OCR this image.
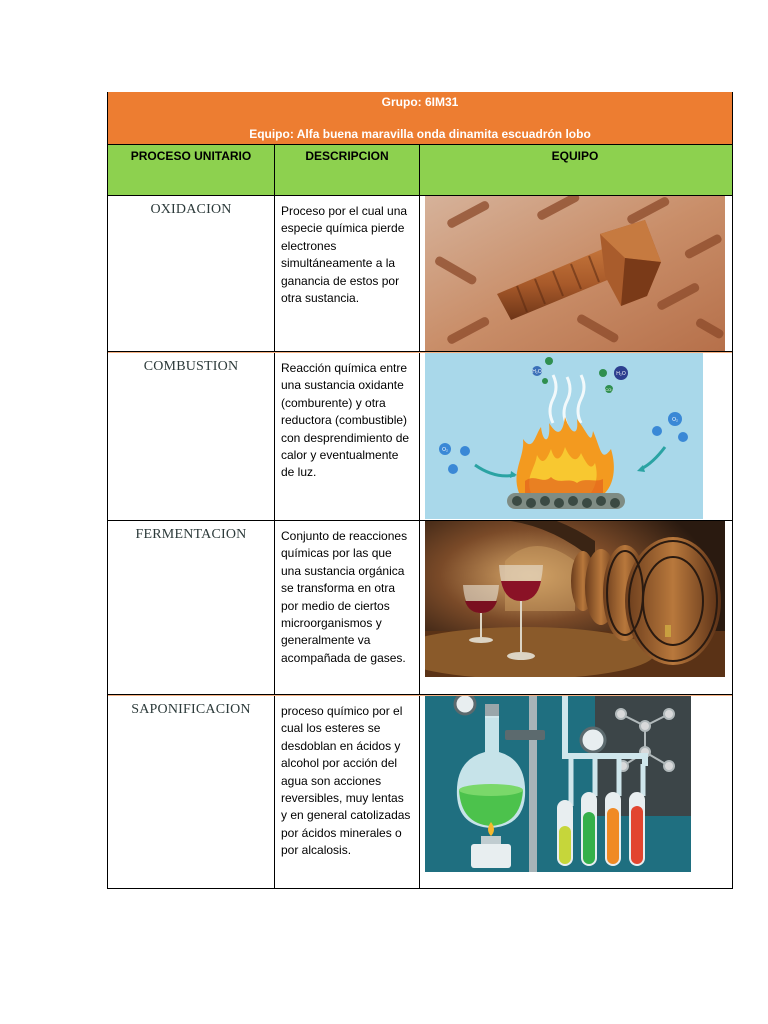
Grupo: 6IM31
Equipo: Alfa buena maravilla onda dinamita escuadrón lobo
PROCESO UNITARIO	DESCRIPCION	EQUIPO
OXIDACION	Proceso por el cual una especie química pierde electrones simultáneamente a la ganancia de estos por otra sustancia.
COMBUSTION	Reacción química entre una sustancia oxidante (comburente) y otra reductora (combustible) con desprendimiento de calor y eventualmente de luz.
H₂O	H₂O
CO₂
O₂
O₂
FERMENTACION	Conjunto de reacciones químicas por las que una sustancia orgánica se transforma en otra por medio de ciertos microorganismos y generalmente va acompañada de gases.
SAPONIFICACION	proceso químico por el cual los esteres se desdoblan en ácidos y alcohol por acción del agua son acciones reversibles, muy lentas y en general catolizadas por ácidos minerales o por alcalosis.
